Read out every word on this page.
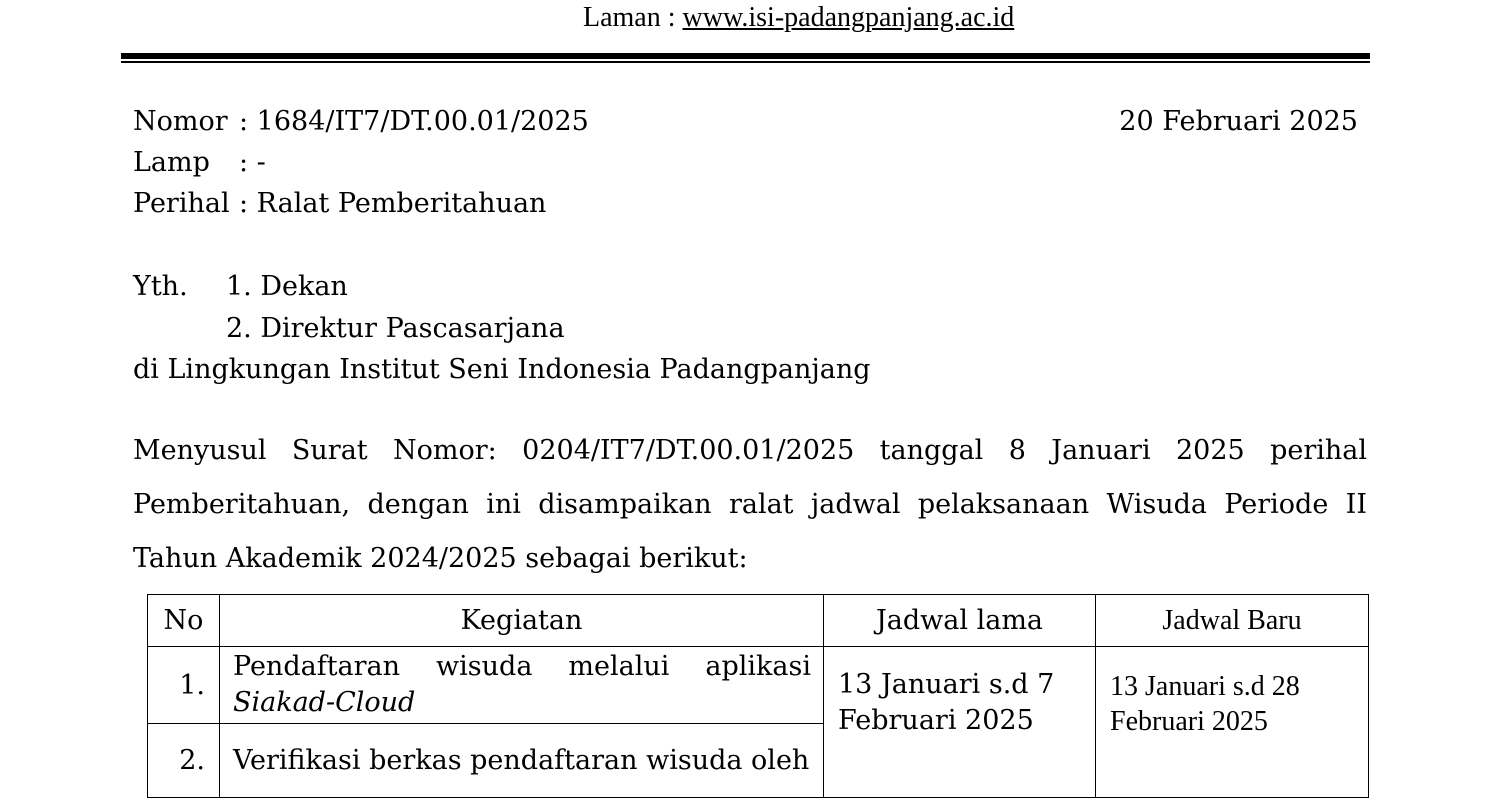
Laman : www.isi-padangpanjang.ac.id
Nomor : 1684/IT7/DT.00.01/2025
Lamp : -
Perihal : Ralat Pemberitahuan
20 Februari 2025
Yth. 1. Dekan
2. Direktur Pascasarjana
di Lingkungan Institut Seni Indonesia Padangpanjang
Menyusul Surat Nomor: 0204/IT7/DT.00.01/2025 tanggal 8 Januari 2025 perihal Pemberitahuan, dengan ini disampaikan ralat jadwal pelaksanaan Wisuda Periode II Tahun Akademik 2024/2025 sebagai berikut:
No	Kegiatan	Jadwal lama	Jadwal Baru
1.	Pendaftaran wisuda melalui aplikasi Siakad-Cloud	13 Januari s.d 7 Februari 2025	13 Januari s.d 28 Februari 2025
2.	Verifikasi berkas pendaftaran wisuda oleh		
